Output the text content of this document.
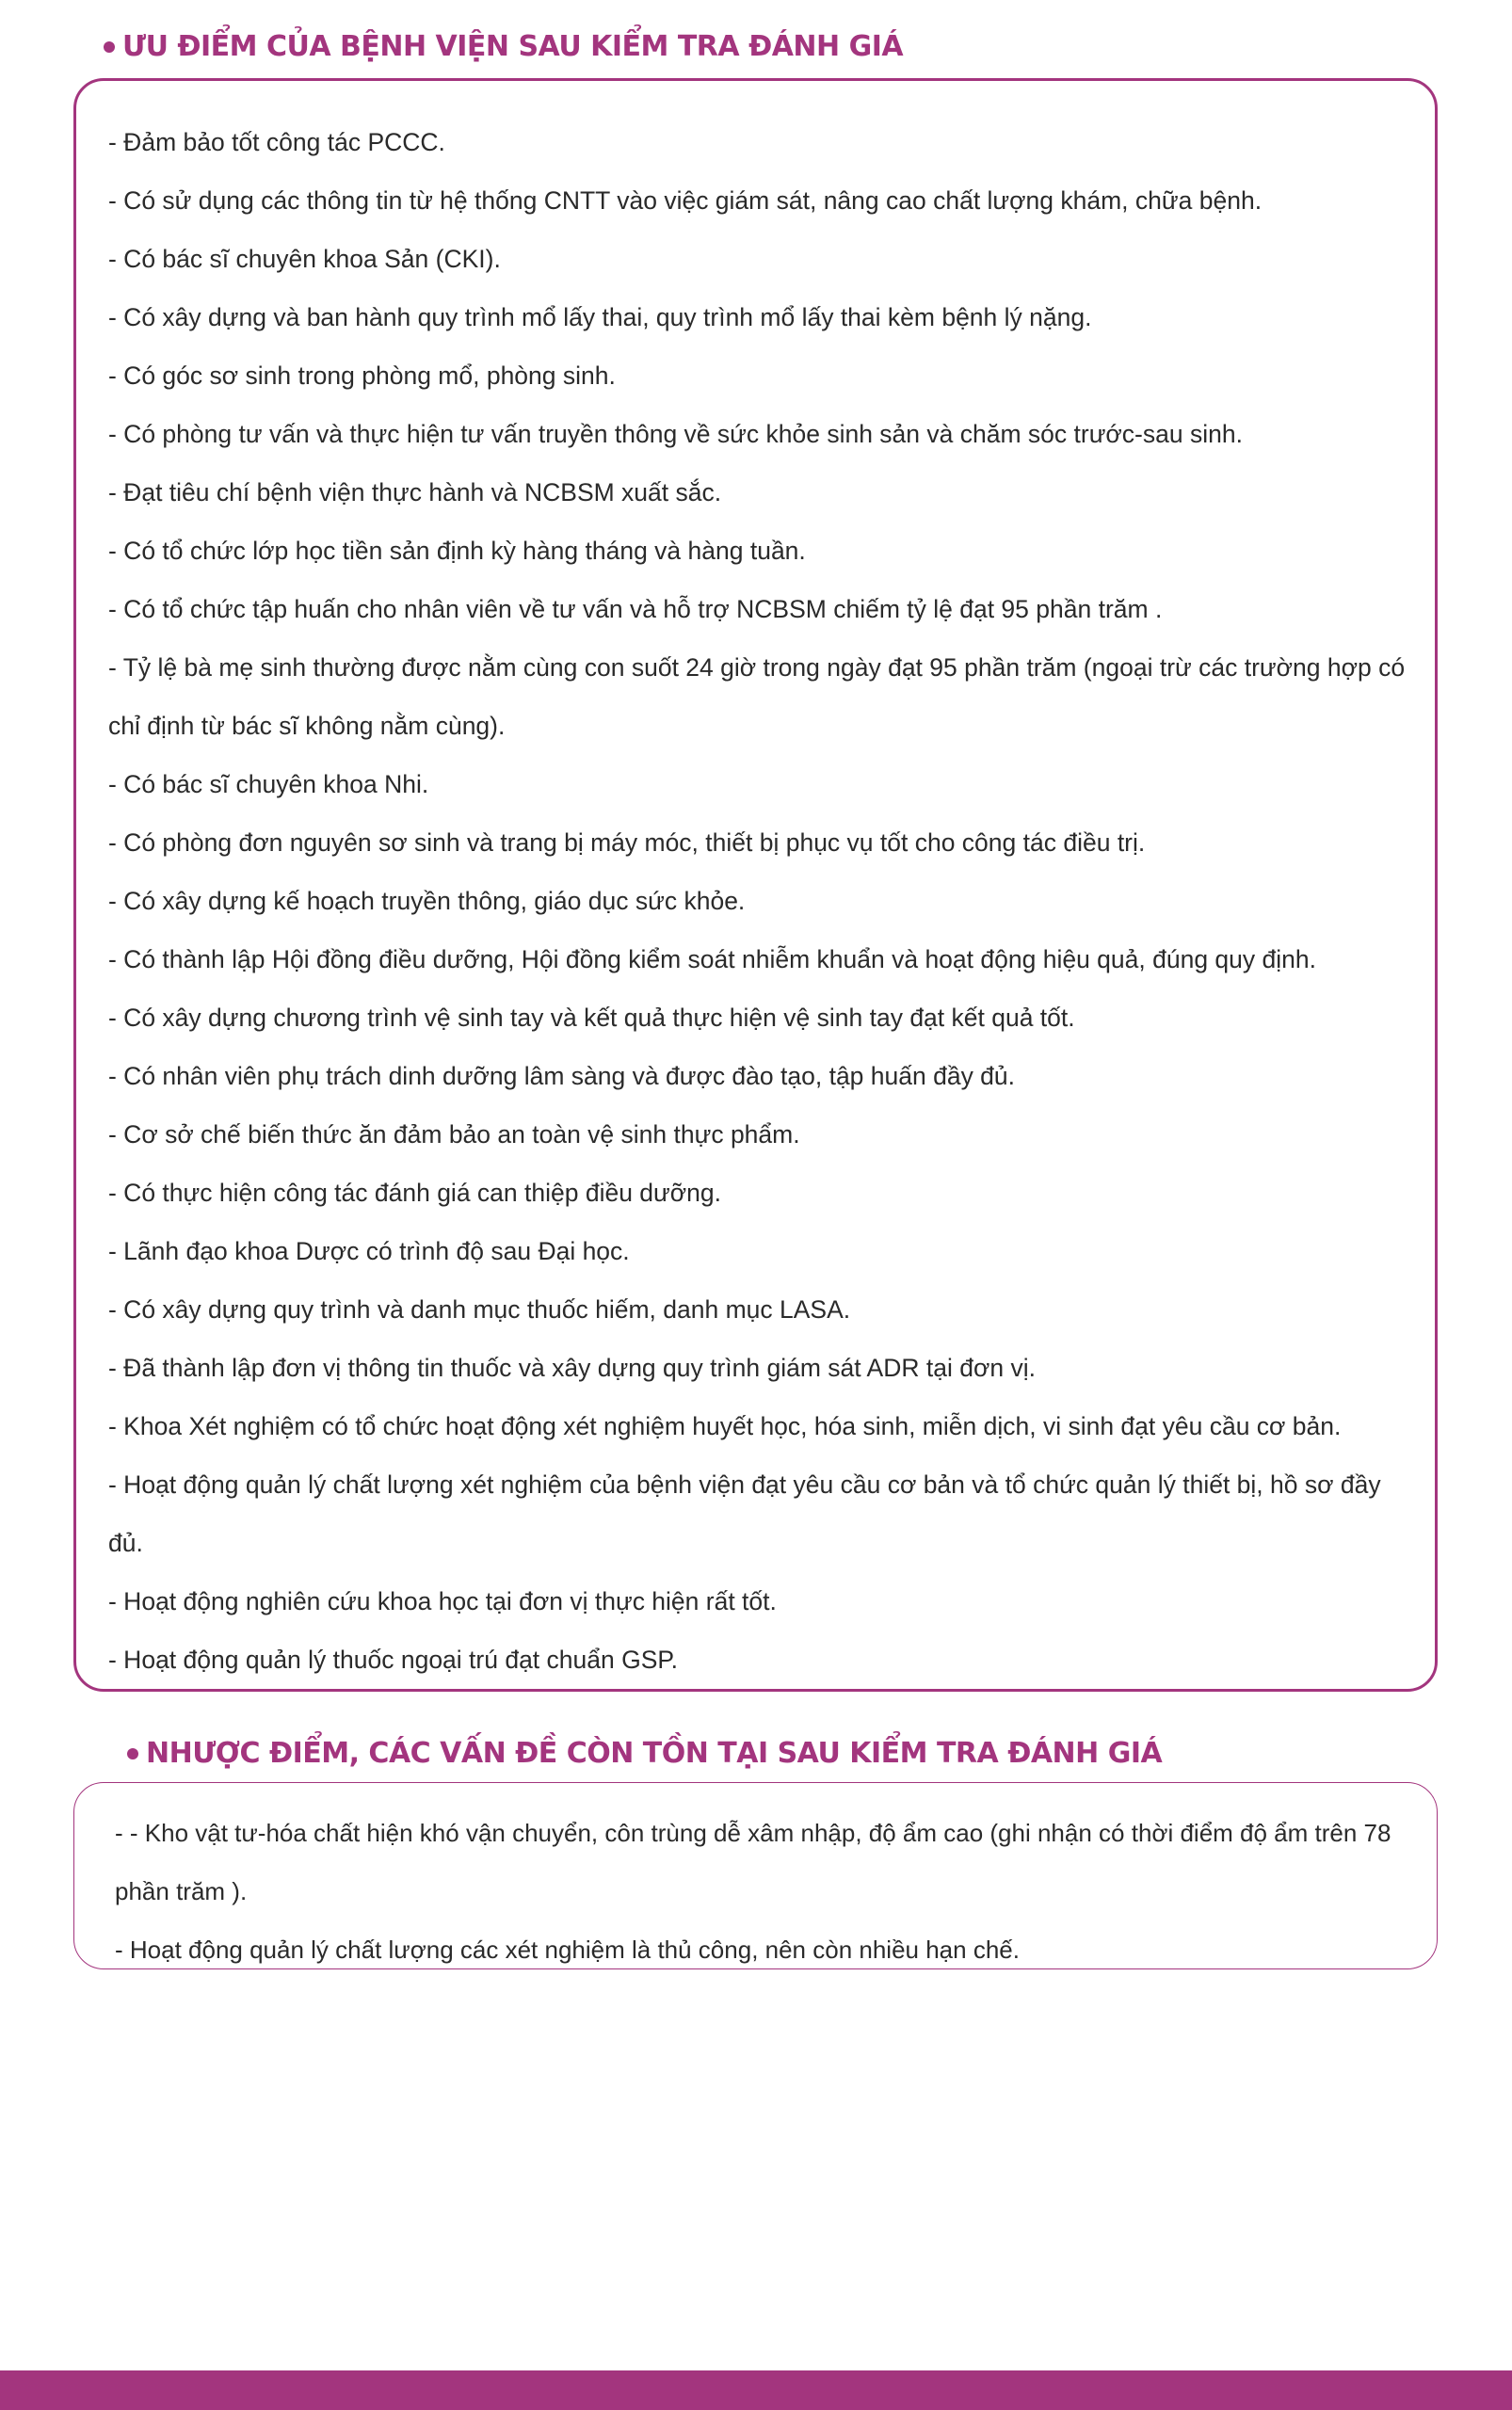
ƯU ĐIỂM CỦA BỆNH VIỆN SAU KIỂM TRA ĐÁNH GIÁ

- Đảm bảo tốt công tác PCCC.

- Có sử dụng các thông tin từ hệ thống CNTT vào việc giám sát, nâng cao chất lượng khám, chữa bệnh.

- Có bác sĩ chuyên khoa Sản (CKI).

- Có xây dựng và ban hành quy trình mổ lấy thai, quy trình mổ lấy thai kèm bệnh lý nặng.

- Có góc sơ sinh trong phòng mổ, phòng sinh.

- Có phòng tư vấn và thực hiện tư vấn truyền thông về sức khỏe sinh sản và chăm sóc trước-sau sinh.

- Đạt tiêu chí bệnh viện thực hành và NCBSM xuất sắc.

- Có tổ chức lớp học tiền sản định kỳ hàng tháng và hàng tuần.

- Có tổ chức tập huấn cho nhân viên về tư vấn và hỗ trợ NCBSM chiếm tỷ lệ đạt 95 phần trăm .

- Tỷ lệ bà mẹ sinh thường được nằm cùng con suốt 24 giờ trong ngày đạt 95 phần trăm (ngoại trừ các trường hợp có chỉ định từ bác sĩ không nằm cùng).

- Có bác sĩ chuyên khoa Nhi.

- Có phòng đơn nguyên sơ sinh và trang bị máy móc, thiết bị phục vụ tốt cho công tác điều trị.

- Có xây dựng kế hoạch truyền thông, giáo dục sức khỏe.

- Có thành lập Hội đồng điều dưỡng, Hội đồng kiểm soát nhiễm khuẩn và hoạt động hiệu quả, đúng quy định.

- Có xây dựng chương trình vệ sinh tay và kết quả thực hiện vệ sinh tay đạt kết quả tốt.

- Có nhân viên phụ trách dinh dưỡng lâm sàng và được đào tạo, tập huấn đầy đủ.

- Cơ sở chế biến thức ăn đảm bảo an toàn vệ sinh thực phẩm.

- Có thực hiện công tác đánh giá can thiệp điều dưỡng.

- Lãnh đạo khoa Dược có trình độ sau Đại học.

- Có xây dựng quy trình và danh mục thuốc hiếm, danh mục LASA.

- Đã thành lập đơn vị thông tin thuốc và xây dựng quy trình giám sát ADR tại đơn vị.

- Khoa Xét nghiệm có tổ chức hoạt động xét nghiệm huyết học, hóa sinh, miễn dịch, vi sinh đạt yêu cầu cơ bản.

- Hoạt động quản lý chất lượng xét nghiệm của bệnh viện đạt yêu cầu cơ bản và tổ chức quản lý thiết bị, hồ sơ đầy đủ.

- Hoạt động nghiên cứu khoa học tại đơn vị thực hiện rất tốt.

- Hoạt động quản lý thuốc ngoại trú đạt chuẩn GSP.

NHƯỢC ĐIỂM, CÁC VẤN ĐỀ CÒN TỒN TẠI SAU KIỂM TRA ĐÁNH GIÁ

- - Kho vật tư-hóa chất hiện khó vận chuyển, côn trùng dễ xâm nhập, độ ẩm cao (ghi nhận có thời điểm độ ẩm trên 78 phần trăm ).

- Hoạt động quản lý chất lượng các xét nghiệm là thủ công, nên còn nhiều hạn chế.
